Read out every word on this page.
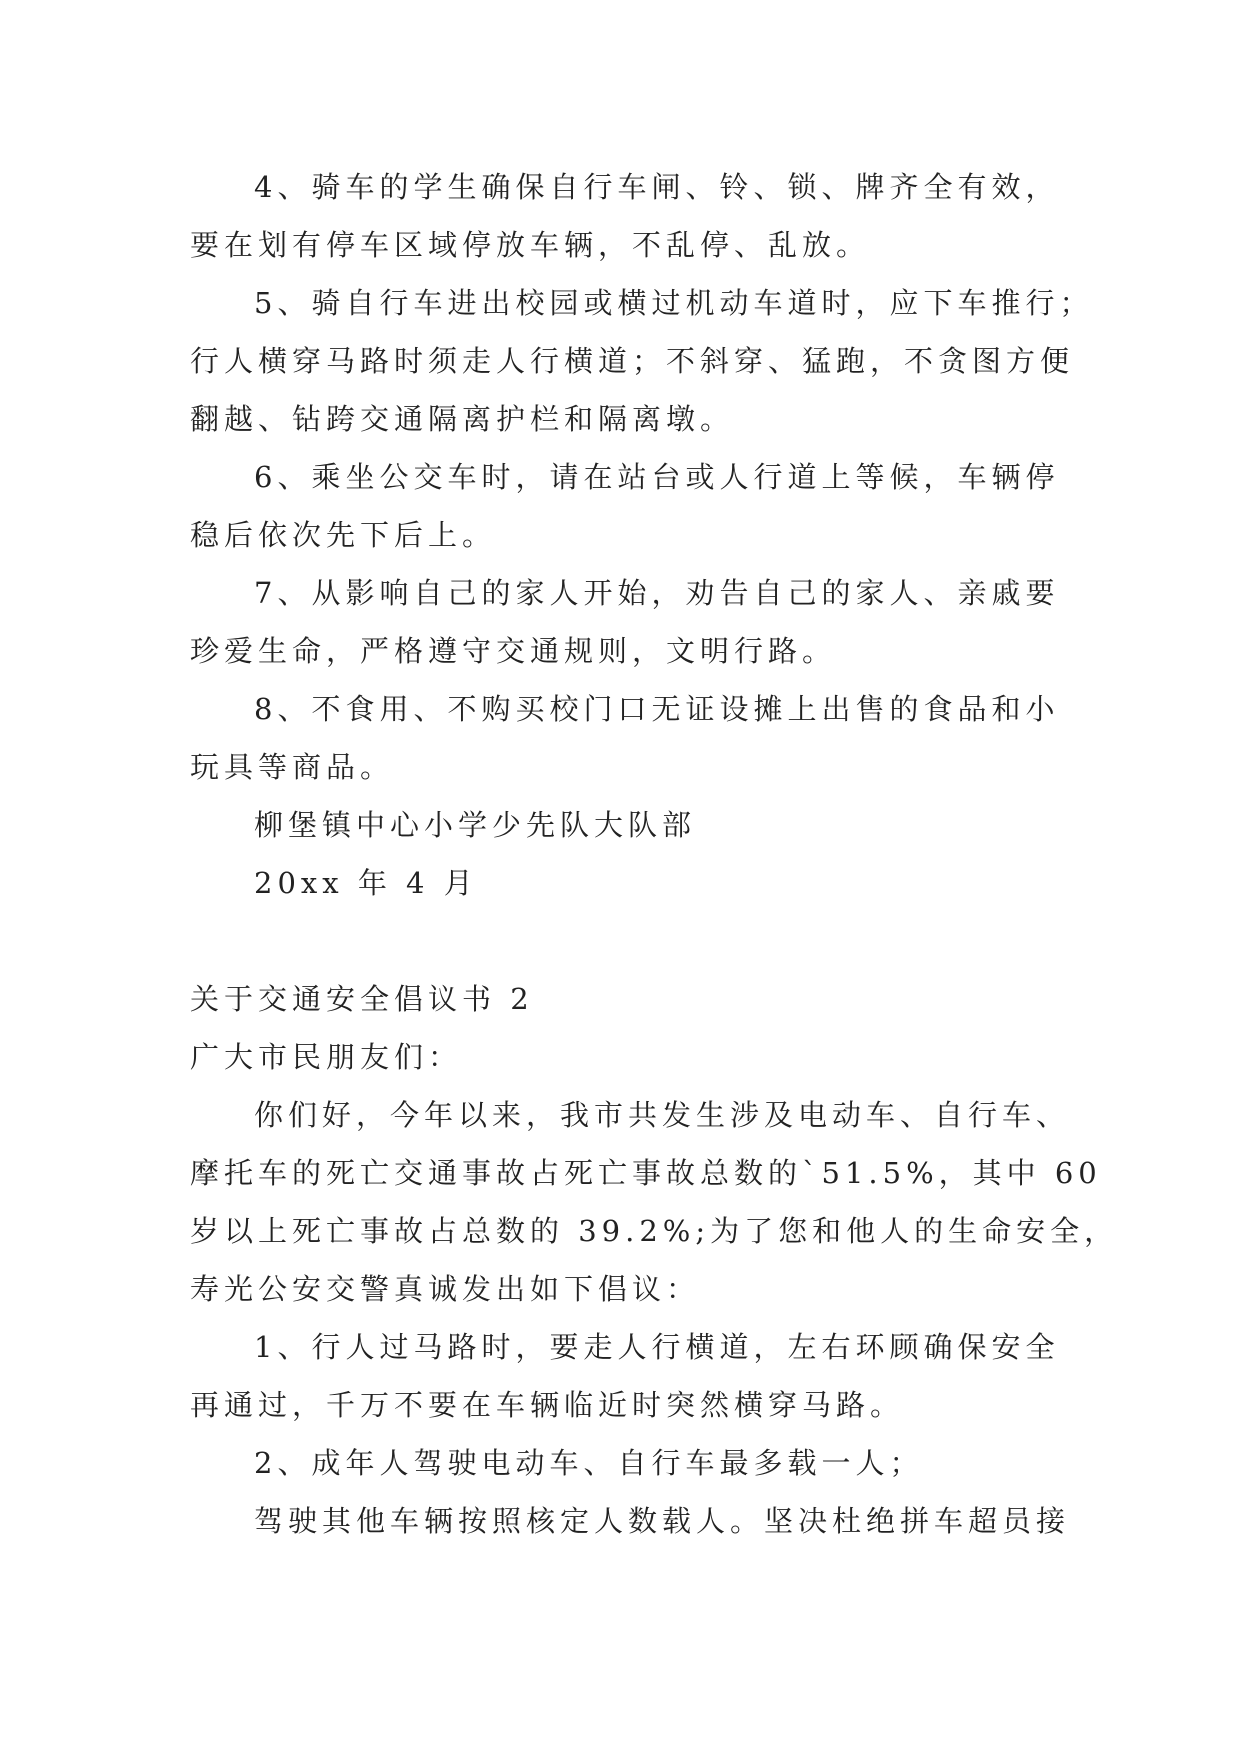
4、骑车的学生确保自行车闸、铃、锁、牌齐全有效，
要在划有停车区域停放车辆，不乱停、乱放。
5、骑自行车进出校园或横过机动车道时，应下车推行；
行人横穿马路时须走人行横道；不斜穿、猛跑，不贪图方便
翻越、钻跨交通隔离护栏和隔离墩。
6、乘坐公交车时，请在站台或人行道上等候，车辆停
稳后依次先下后上。
7、从影响自己的家人开始，劝告自己的家人、亲戚要
珍爱生命，严格遵守交通规则，文明行路。
8、不食用、不购买校门口无证设摊上出售的食品和小
玩具等商品。
柳堡镇中心小学少先队大队部
20xx 年 4 月
关于交通安全倡议书 2
广大市民朋友们：
你们好，今年以来，我市共发生涉及电动车、自行车、
摩托车的死亡交通事故占死亡事故总数的`51.5%，其中 60
岁以上死亡事故占总数的 39.2%;为了您和他人的生命安全，
寿光公安交警真诚发出如下倡议：
1、行人过马路时，要走人行横道，左右环顾确保安全
再通过，千万不要在车辆临近时突然横穿马路。
2、成年人驾驶电动车、自行车最多载一人；
驾驶其他车辆按照核定人数载人。坚决杜绝拼车超员接
